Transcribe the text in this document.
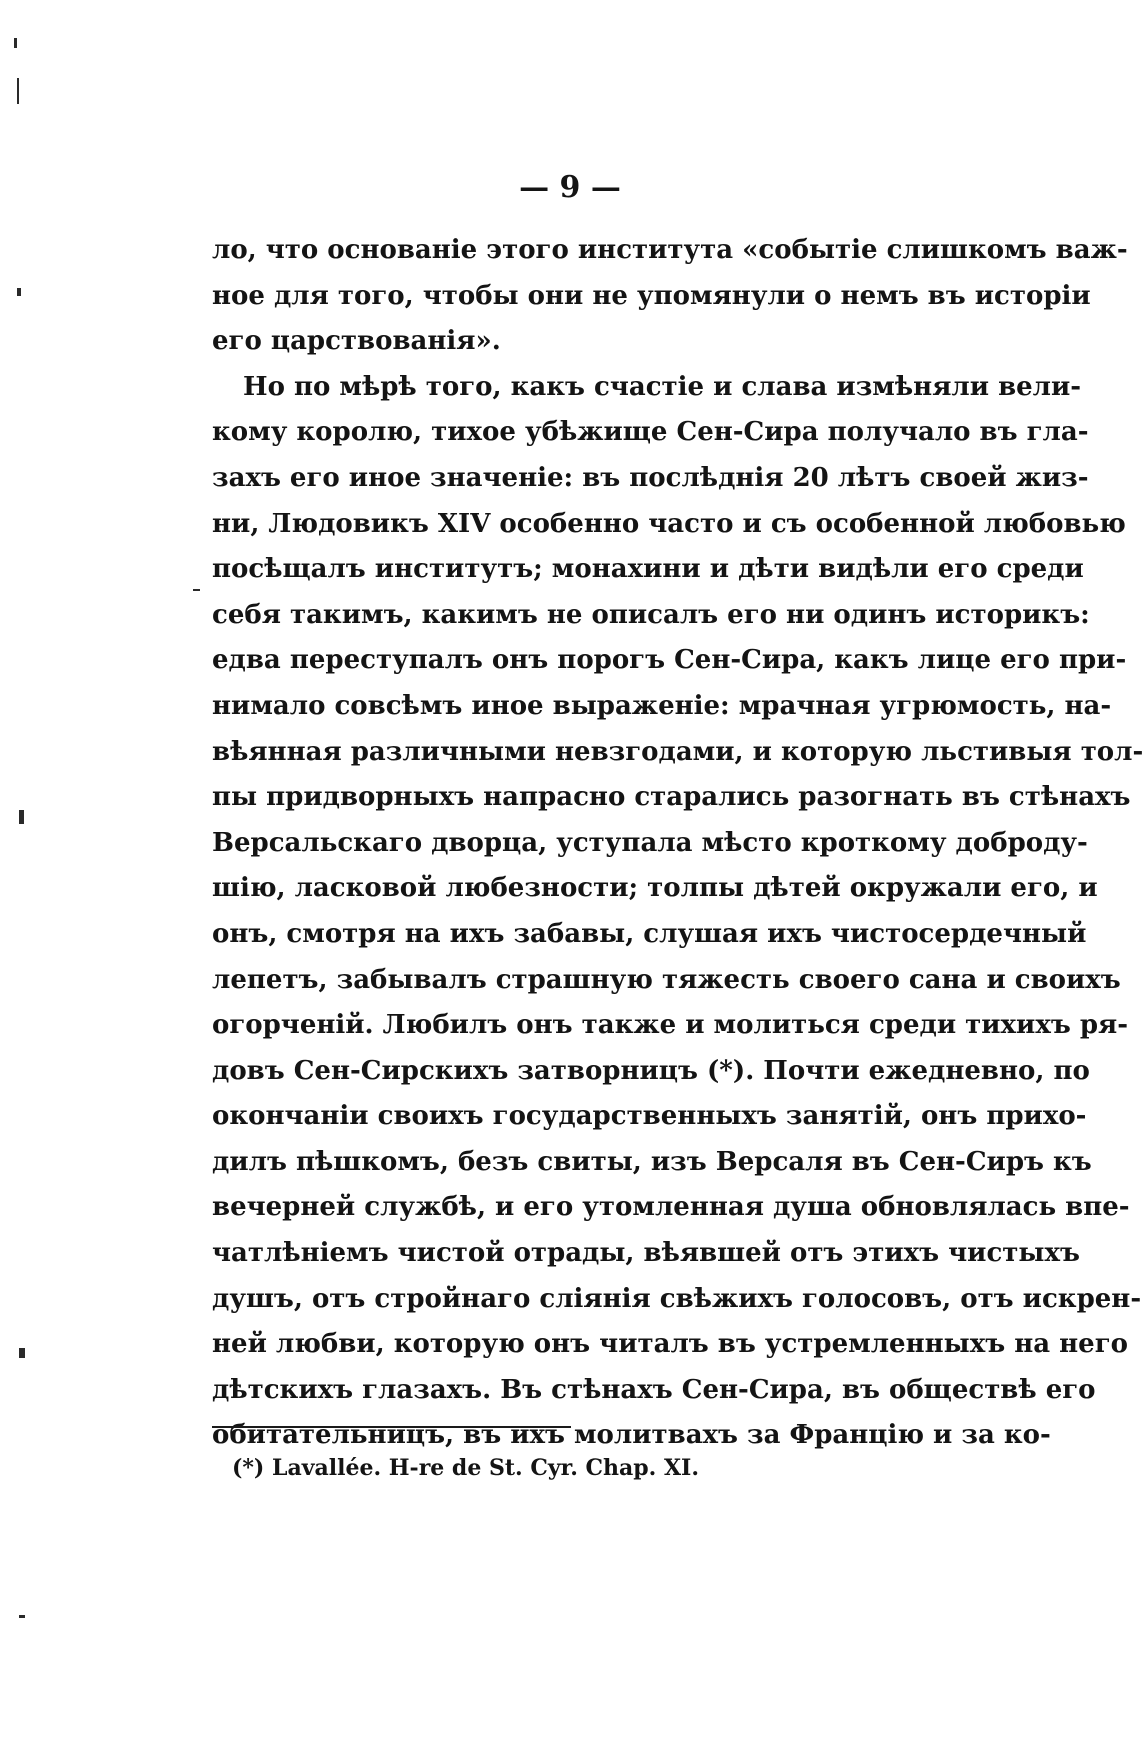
— 9 —
ло, что основаніе этого института «событіе слишкомъ важ-
ное для того, чтобы они не упомянули о немъ въ исторіи
его царствованія».
Но по мѣрѣ того, какъ счастіе и слава измѣняли вели-
кому королю, тихое убѣжище Сен-Сира получало въ гла-
захъ его иное значеніе: въ послѣднія 20 лѣтъ своей жиз-
ни, Людовикъ XIV особенно часто и съ особенной любовью
посѣщалъ институтъ; монахини и дѣти видѣли его среди
себя такимъ, какимъ не описалъ его ни одинъ историкъ:
едва переступалъ онъ порогъ Сен-Сира, какъ лице его при-
нимало совсѣмъ иное выраженіе: мрачная угрюмость, на-
вѣянная различными невзгодами, и которую льстивыя тол-
пы придворныхъ напрасно старались разогнать въ стѣнахъ
Версальскаго дворца, уступала мѣсто кроткому доброду-
шію, ласковой любезности; толпы дѣтей окружали его, и
онъ, смотря на ихъ забавы, слушая ихъ чистосердечный
лепетъ, забывалъ страшную тяжесть своего сана и своихъ
огорченій. Любилъ онъ также и молиться среди тихихъ ря-
довъ Сен-Сирскихъ затворницъ (*). Почти ежедневно, по
окончаніи своихъ государственныхъ занятій, онъ прихо-
дилъ пѣшкомъ, безъ свиты, изъ Версаля въ Сен-Сиръ къ
вечерней службѣ, и его утомленная душа обновлялась впе-
чатлѣніемъ чистой отрады, вѣявшей отъ этихъ чистыхъ
душъ, отъ стройнаго слiянiя свѣжихъ голосовъ, отъ искрен-
ней любви, которую онъ читалъ въ устремленныхъ на него
дѣтскихъ глазахъ. Въ стѣнахъ Сен-Сира, въ обществѣ его
обитательницъ, въ ихъ молитвахъ за Францію и за ко-
(*) Lavallée. H-re de St. Cyr. Chap. XI.
